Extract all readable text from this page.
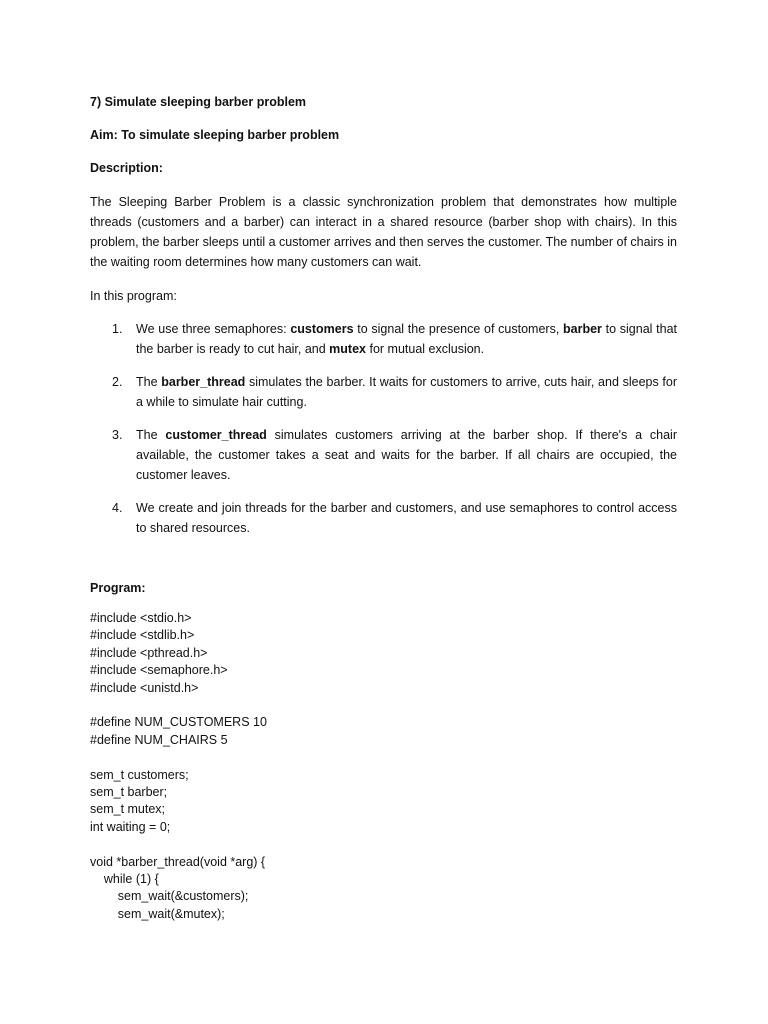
7) Simulate sleeping barber problem

Aim: To simulate sleeping barber problem

Description:

The Sleeping Barber Problem is a classic synchronization problem that demonstrates how multiple threads (customers and a barber) can interact in a shared resource (barber shop with chairs). In this problem, the barber sleeps until a customer arrives and then serves the customer. The number of chairs in the waiting room determines how many customers can wait.

In this program:

1. We use three semaphores: customers to signal the presence of customers, barber to signal that the barber is ready to cut hair, and mutex for mutual exclusion.
2. The barber_thread simulates the barber. It waits for customers to arrive, cuts hair, and sleeps for a while to simulate hair cutting.
3. The customer_thread simulates customers arriving at the barber shop. If there's a chair available, the customer takes a seat and waits for the barber. If all chairs are occupied, the customer leaves.
4. We create and join threads for the barber and customers, and use semaphores to control access to shared resources.

Program:

#include <stdio.h>
#include <stdlib.h>
#include <pthread.h>
#include <semaphore.h>
#include <unistd.h>
#define NUM_CUSTOMERS 10
#define NUM_CHAIRS 5
sem_t customers;
sem_t barber;
sem_t mutex;
int waiting = 0;
void *barber_thread(void *arg) {
while (1) {
sem_wait(&customers);
sem_wait(&mutex);
